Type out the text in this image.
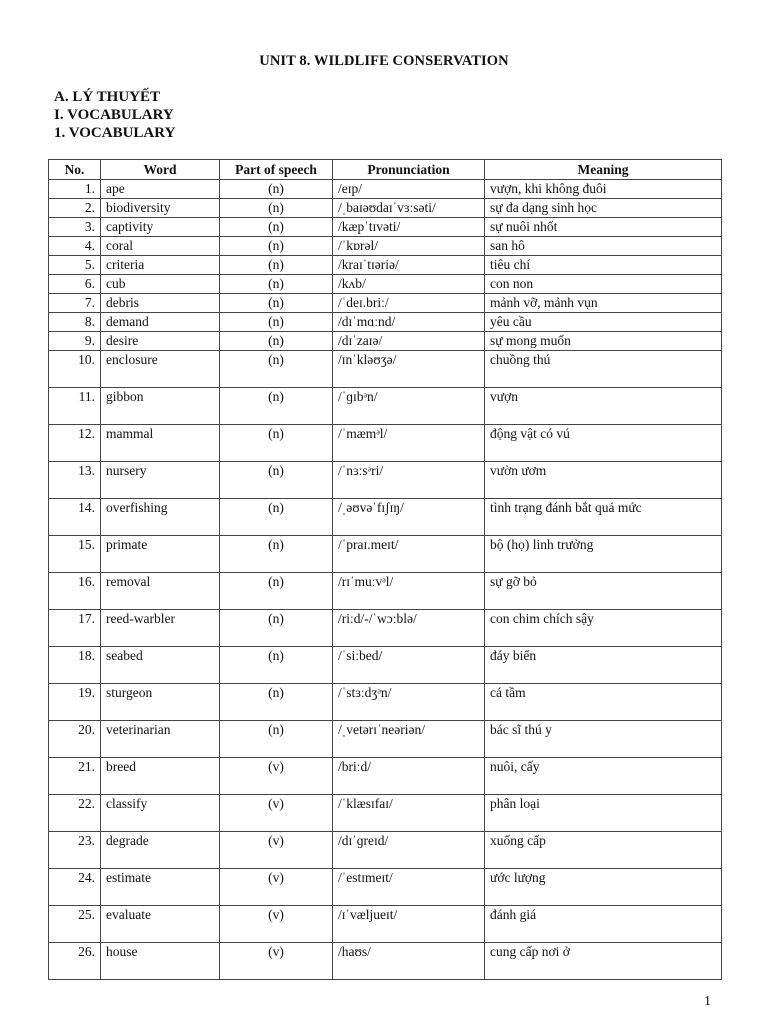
UNIT 8. WILDLIFE CONSERVATION
A. LÝ THUYẾT
I. VOCABULARY
1. VOCABULARY
No.	Word	Part of speech	Pronunciation	Meaning
1.	ape	(n)	/eɪp/	vượn, khi không đuôi
2.	biodiversity	(n)	/ˌbaɪəʊdaɪˈvɜːsəti/	sự đa dạng sinh học
3.	captivity	(n)	/kæpˈtɪvəti/	sự nuôi nhốt
4.	coral	(n)	/ˈkɒrəl/	san hô
5.	criteria	(n)	/kraɪˈtɪəriə/	tiêu chí
6.	cub	(n)	/kʌb/	con non
7.	debris	(n)	/ˈdeɪ.briː/	mảnh vỡ, mảnh vụn
8.	demand	(n)	/dɪˈmɑːnd/	yêu cầu
9.	desire	(n)	/dɪˈzaɪə/	sự mong muốn
10.	enclosure	(n)	/ɪnˈkləʊʒə/	chuồng thú
11.	gibbon	(n)	/ˈɡɪbᵊn/	vượn
12.	mammal	(n)	/ˈmæmᵊl/	động vật có vú
13.	nursery	(n)	/ˈnɜːsᵊri/	vườn ươm
14.	overfishing	(n)	/ˌəʊvəˈfɪʃɪŋ/	tình trạng đánh bắt quá mức
15.	primate	(n)	/ˈpraɪ.meɪt/	bộ (họ) linh trưởng
16.	removal	(n)	/rɪˈmuːvᵊl/	sự gỡ bỏ
17.	reed-warbler	(n)	/riːd/-/ˈwɔːblə/	con chim chích sậy
18.	seabed	(n)	/ˈsiːbed/	đáy biển
19.	sturgeon	(n)	/ˈstɜːdʒᵊn/	cá tầm
20.	veterinarian	(n)	/ˌvetərɪˈneəriən/	bác sĩ thú y
21.	breed	(v)	/briːd/	nuôi, cấy
22.	classify	(v)	/ˈklæsɪfaɪ/	phân loại
23.	degrade	(v)	/dɪˈɡreɪd/	xuống cấp
24.	estimate	(v)	/ˈestɪmeɪt/	ước lượng
25.	evaluate	(v)	/ɪˈvæljueɪt/	đánh giá
26.	house	(v)	/haʊs/	cung cấp nơi ở
1
